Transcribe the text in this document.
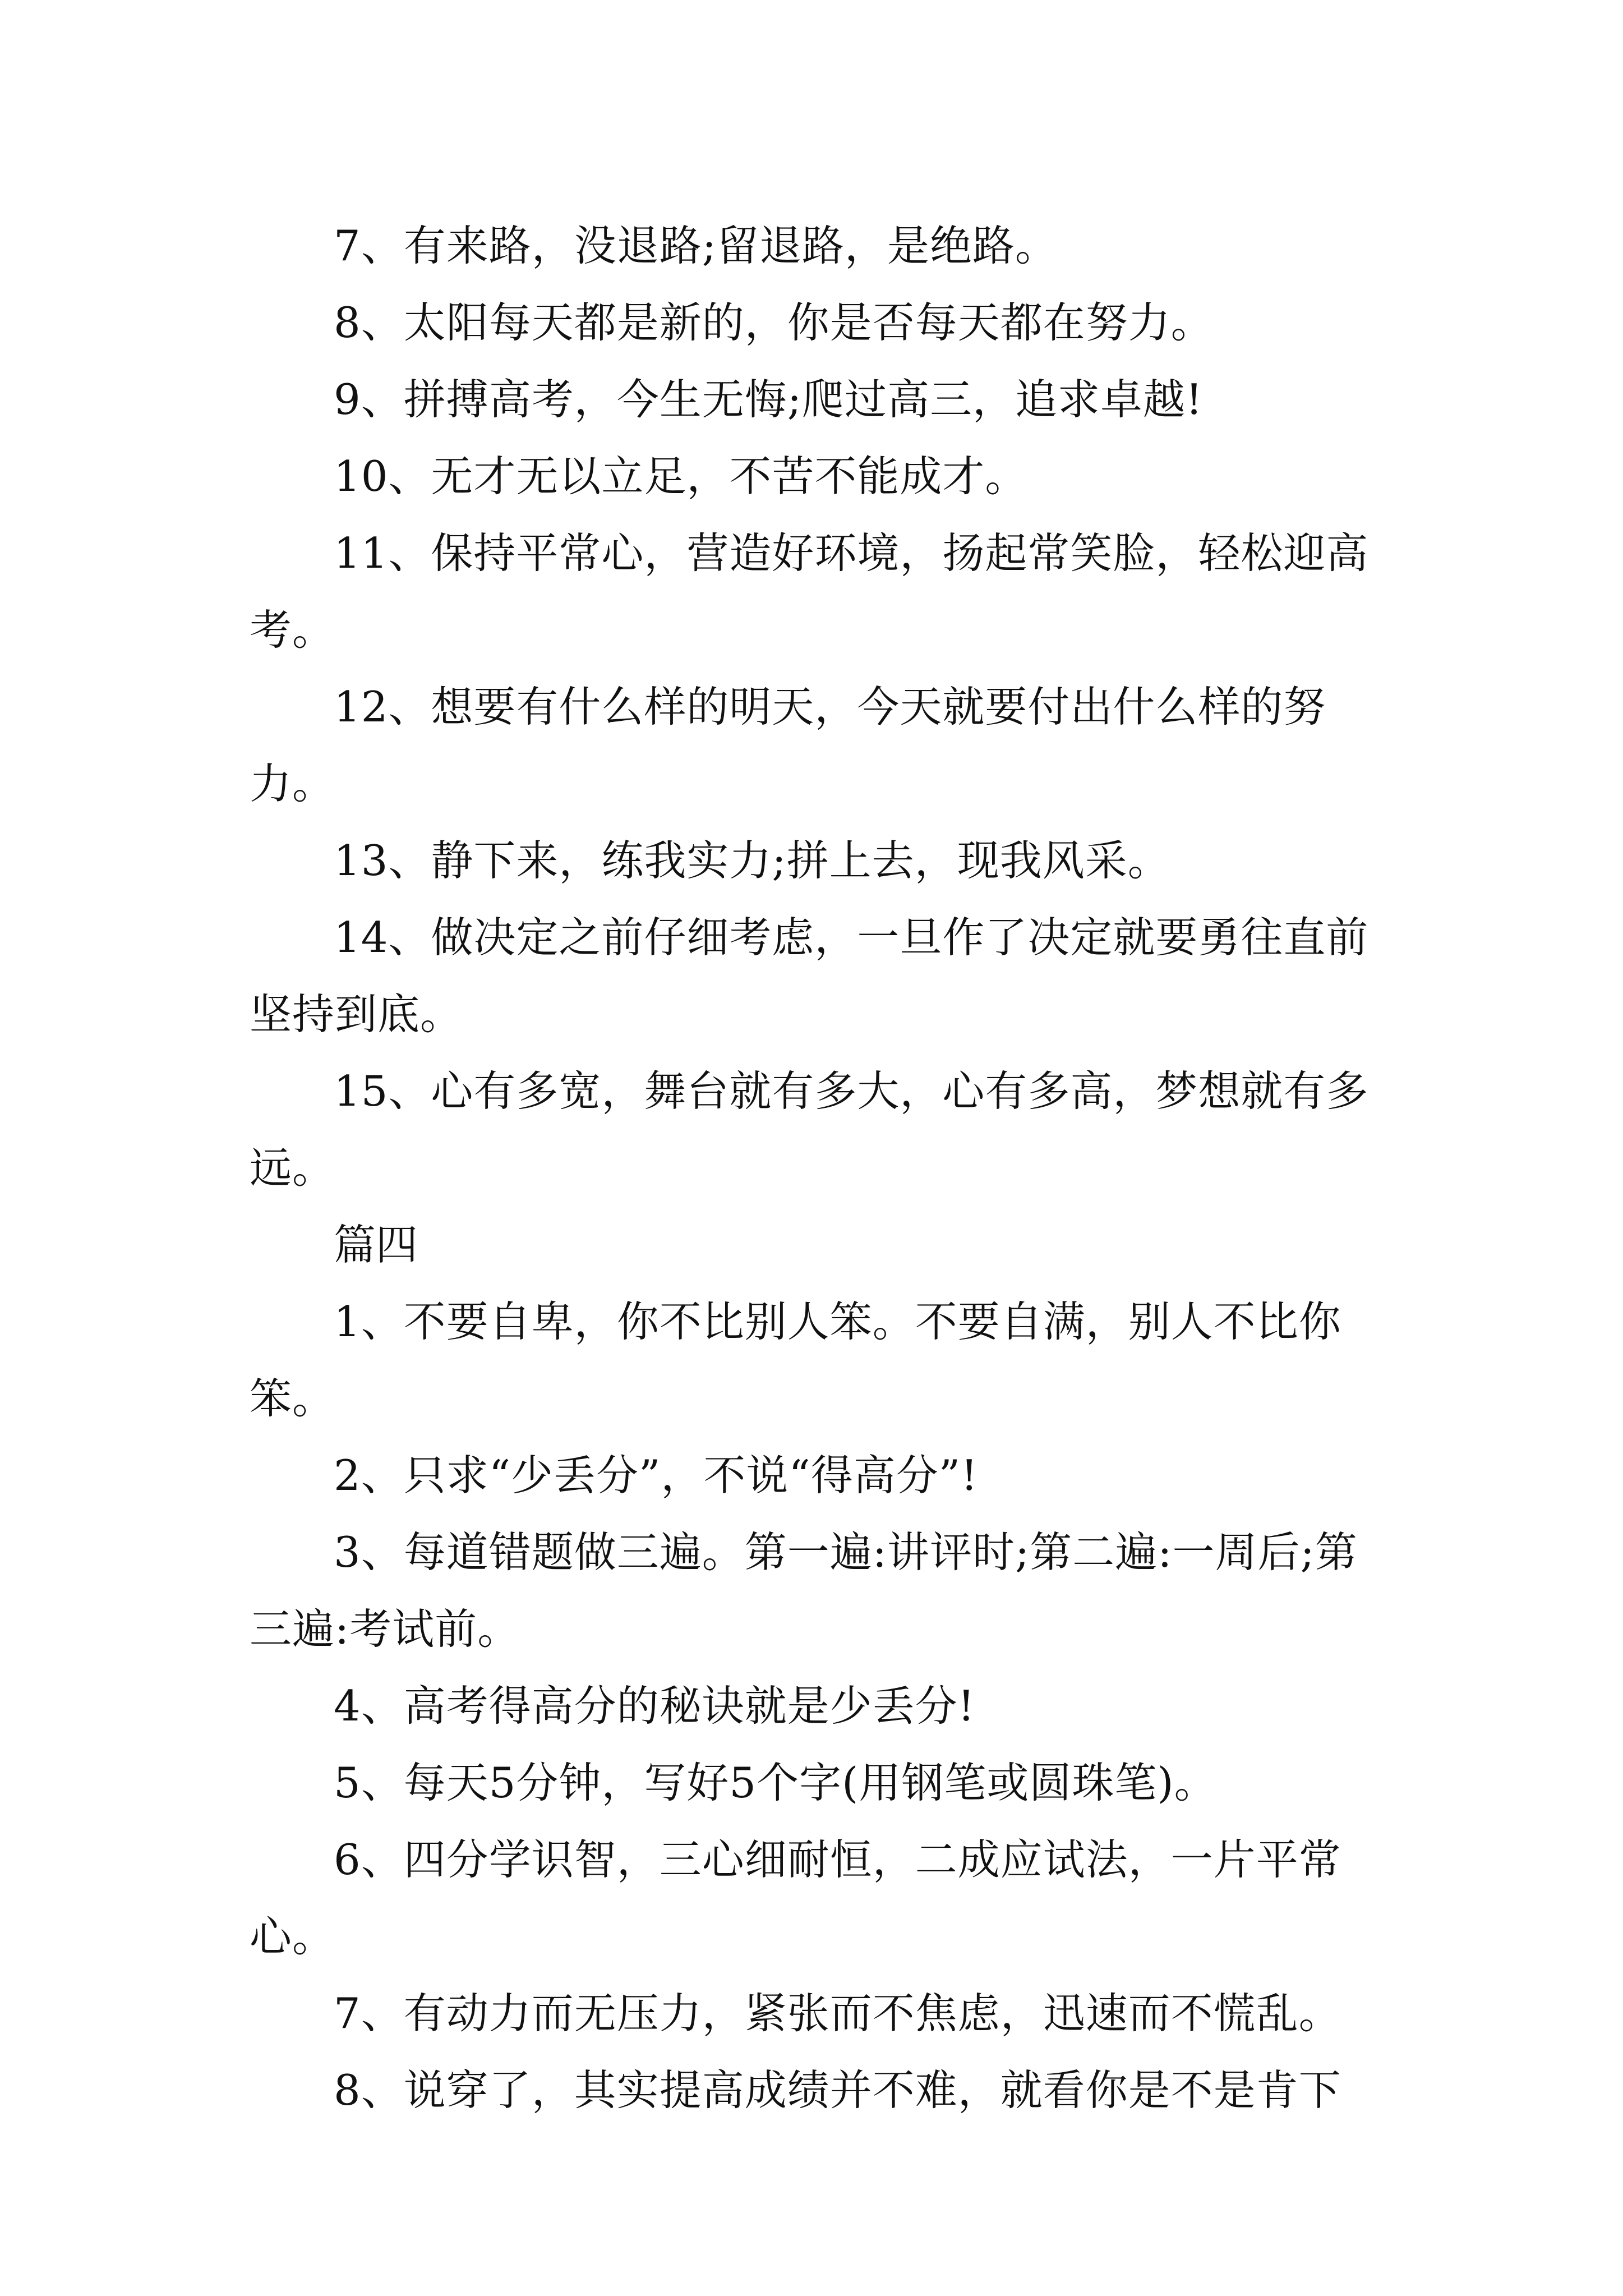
7、有来路，没退路;留退路，是绝路。

8、太阳每天都是新的，你是否每天都在努力。

9、拼搏高考，今生无悔;爬过高三，追求卓越!

10、无才无以立足，不苦不能成才。

11、保持平常心，营造好环境，扬起常笑脸，轻松迎高考。

12、想要有什么样的明天，今天就要付出什么样的努力。

13、静下来，练我实力;拼上去，现我风采。

14、做决定之前仔细考虑，一旦作了决定就要勇往直前坚持到底。

15、心有多宽，舞台就有多大，心有多高，梦想就有多远。

篇四

1、不要自卑，你不比别人笨。不要自满，别人不比你笨。

2、只求“少丢分”，不说“得高分”!

3、每道错题做三遍。第一遍:讲评时;第二遍:一周后;第三遍:考试前。

4、高考得高分的秘诀就是少丢分!

5、每天5分钟，写好5个字(用钢笔或圆珠笔)。

6、四分学识智，三心细耐恒，二成应试法，一片平常心。

7、有动力而无压力，紧张而不焦虑，迅速而不慌乱。

8、说穿了，其实提高成绩并不难，就看你是不是肯下
